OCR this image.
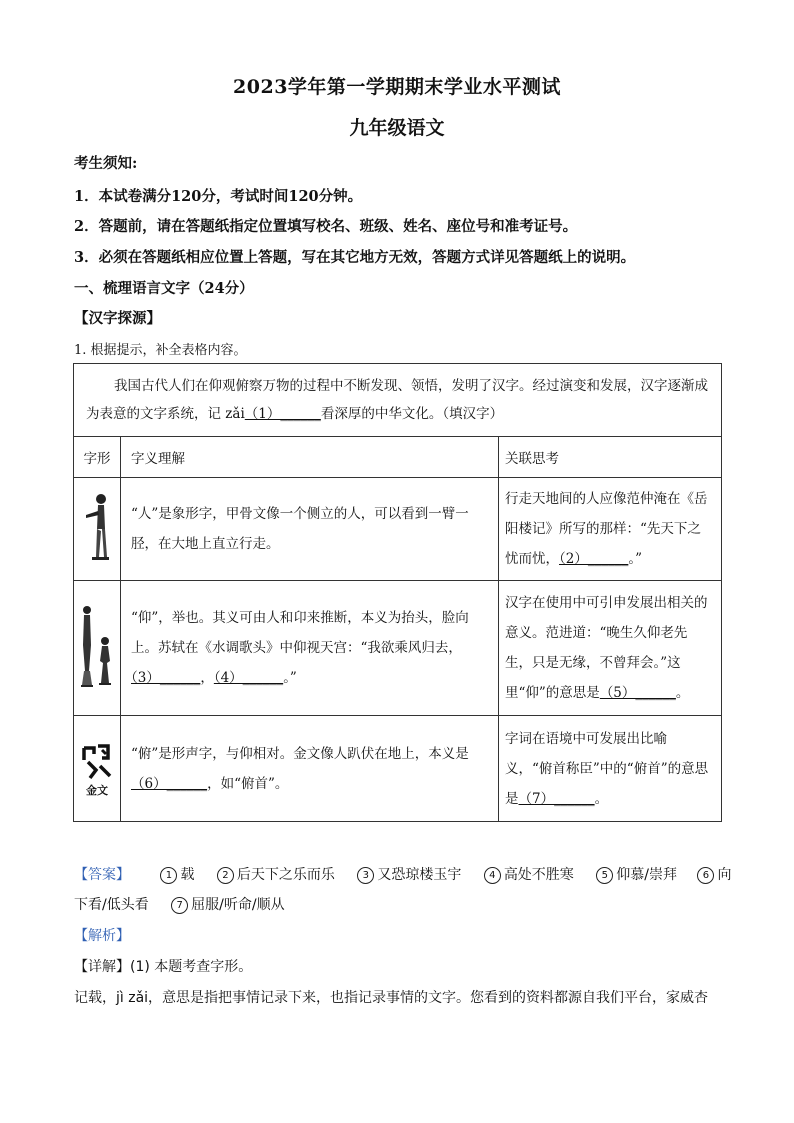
2023学年第一学期期末学业水平测试
九年级语文
考生须知:
1．本试卷满分120分，考试时间120分钟。
2．答题前，请在答题纸指定位置填写校名、班级、姓名、座位号和准考证号。
3．必须在答题纸相应位置上答题，写在其它地方无效，答题方式详见答题纸上的说明。
一、梳理语言文字（24分）
【汉字探源】
1. 根据提示，补全表格内容。
我国古代人们在仰观俯察万物的过程中不断发现、领悟，发明了汉字。经过演变和发展，汉字逐渐成为表意的文字系统，记 zǎi（1）______看深厚的中华文化。（填汉字）		
字形	字义理解	关联思考
	“人”是象形字，甲骨文像一个侧立的人，可以看到一臂一胫，在大地上直立行走。	行走天地间的人应像范仲淹在《岳阳楼记》所写的那样：“先天下之忧而忧，（2）______。”
	“仰”，举也。其义可由人和卬来推断，本义为抬头，脸向上。苏轼在《水调歌头》中仰视天宫：“我欲乘风归去，（3）______，（4）______。”	汉字在使用中可引申发展出相关的意义。范进道：“晚生久仰老先生，只是无缘，不曾拜会。”这里“仰”的意思是（5）______。

金文	“俯”是形声字，与仰相对。金文像人趴伏在地上，本义是（6）______，如“俯首”。	字词在语境中可发展出比喻义，“俯首称臣”中的“俯首”的意思是（7）______。
【答案】	1 载	2 后天下之乐而乐	3 又恐琼楼玉宇	4 高处不胜寒	5 仰慕/崇拜	6 向下看/低头看	7 屈服/听命/顺从
【解析】
【详解】(1) 本题考查字形。
记载，jì zǎi，意思是指把事情记录下来，也指记录事情的文字。您看到的资料都源自我们平台，家威杏
